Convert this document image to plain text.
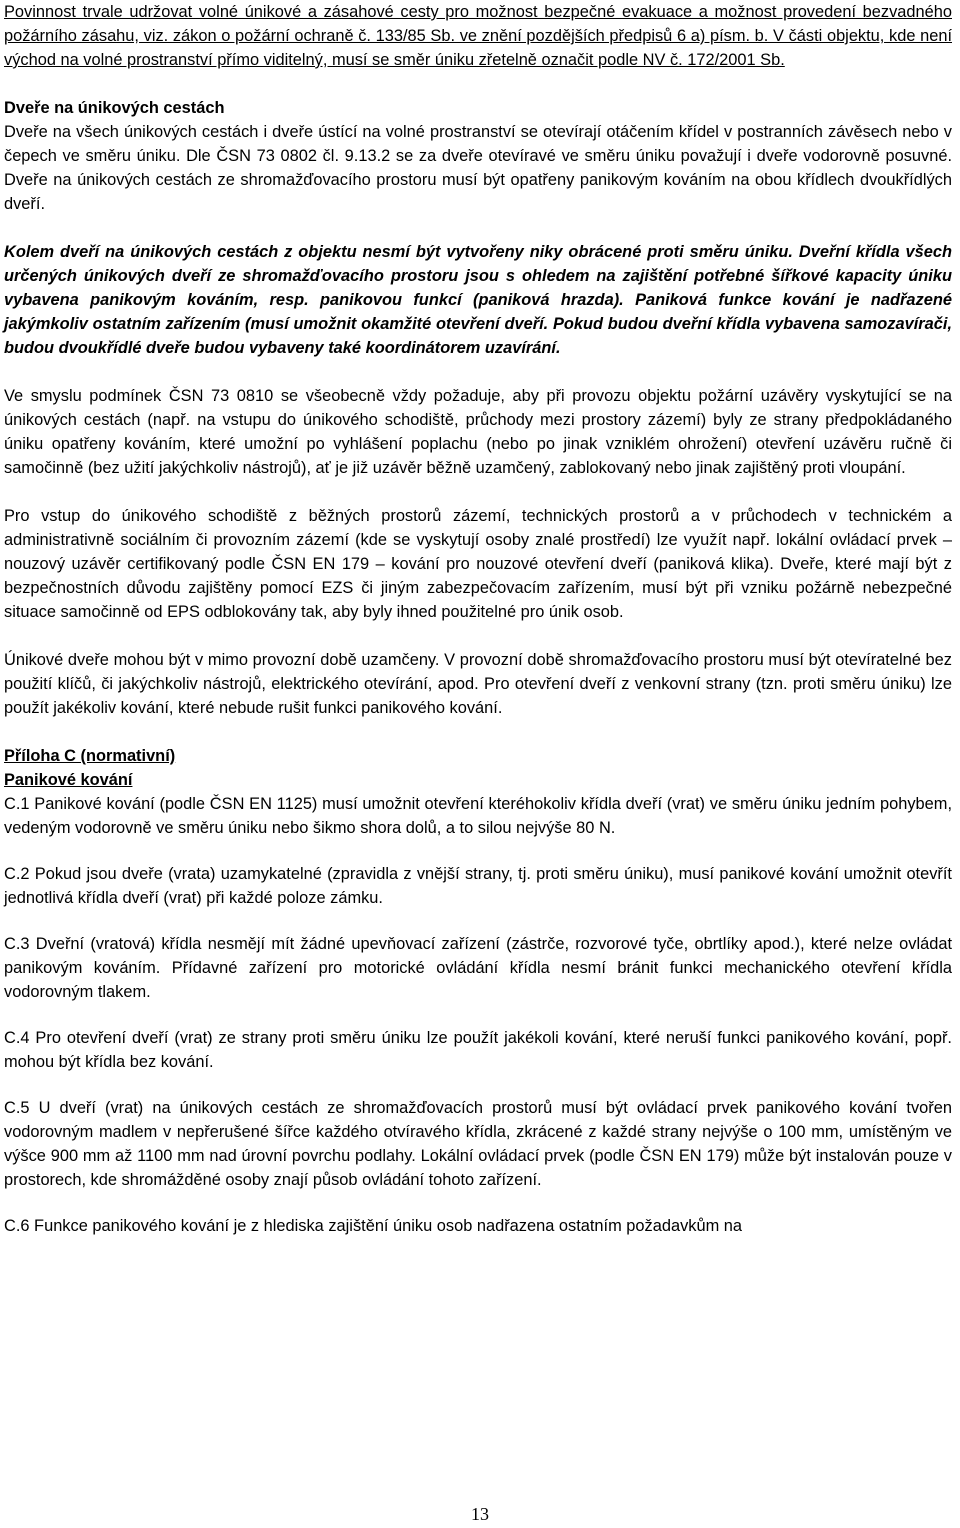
Povinnost trvale udržovat volné únikové a zásahové cesty pro možnost bezpečné evakuace a možnost provedení bezvadného požárního zásahu, viz. zákon o požární ochraně č. 133/85 Sb. ve znění pozdějších předpisů 6 a) písm. b. V části objektu, kde není východ na volné prostranství přímo viditelný, musí se směr úniku zřetelně označit podle NV č. 172/2001 Sb.

Dveře na únikových cestách

Dveře na všech únikových cestách i dveře ústící na volné prostranství se otevírají otáčením křídel v postranních závěsech nebo v čepech ve směru úniku. Dle ČSN 73 0802 čl. 9.13.2 se za dveře otevíravé ve směru úniku považují i dveře vodorovně posuvné. Dveře na únikových cestách ze shromažďovacího prostoru musí být opatřeny panikovým kováním na obou křídlech dvoukřídlých dveří.

Kolem dveří na únikových cestách z objektu nesmí být vytvořeny niky obrácené proti směru úniku. Dveřní křídla všech určených únikových dveří ze shromažďovacího prostoru jsou s ohledem na zajištění potřebné šířkové kapacity úniku vybavena panikovým kováním, resp. panikovou funkcí (paniková hrazda). Paniková funkce kování je nadřazené jakýmkoliv ostatním zařízením (musí umožnit okamžité otevření dveří. Pokud budou dveřní křídla vybavena samozavírači, budou dvoukřídlé dveře budou vybaveny také koordinátorem uzavírání.

Ve smyslu podmínek ČSN 73 0810 se všeobecně vždy požaduje, aby při provozu objektu požární uzávěry vyskytující se na únikových cestách (např. na vstupu do únikového schodiště, průchody mezi prostory zázemí) byly ze strany předpokládaného úniku opatřeny kováním, které umožní po vyhlášení poplachu (nebo po jinak vzniklém ohrožení) otevření uzávěru ručně či samočinně (bez užití jakýchkoliv nástrojů), ať je již uzávěr běžně uzamčený, zablokovaný nebo jinak zajištěný proti vloupání.

Pro vstup do únikového schodiště z běžných prostorů zázemí, technických prostorů a v průchodech v technickém a administrativně sociálním či provozním zázemí (kde se vyskytují osoby znalé prostředí) lze využít např. lokální ovládací prvek – nouzový uzávěr certifikovaný podle ČSN EN 179 – kování pro nouzové otevření dveří (paniková klika). Dveře, které mají být z bezpečnostních důvodu zajištěny pomocí EZS či jiným zabezpečovacím zařízením, musí být při vzniku požárně nebezpečné situace samočinně od EPS odblokovány tak, aby byly ihned použitelné pro únik osob.

Únikové dveře mohou být v mimo provozní době uzamčeny. V provozní době shromažďovacího prostoru musí být otevíratelné bez použití klíčů, či jakýchkoliv nástrojů, elektrického otevírání, apod. Pro otevření dveří z venkovní strany (tzn. proti směru úniku) lze použít jakékoliv kování, které nebude rušit funkci panikového kování.

Příloha C (normativní)

Panikové kování

C.1 Panikové kování (podle ČSN EN 1125) musí umožnit otevření kteréhokoliv křídla dveří (vrat) ve směru úniku jedním pohybem, vedeným vodorovně ve směru úniku nebo šikmo shora dolů, a to silou nejvýše 80 N.

C.2 Pokud jsou dveře (vrata) uzamykatelné (zpravidla z vnější strany, tj. proti směru úniku), musí panikové kování umožnit otevřít jednotlivá křídla dveří (vrat) při každé poloze zámku.

C.3 Dveřní (vratová) křídla nesmějí mít žádné upevňovací zařízení (zástrče, rozvorové tyče, obrtlíky apod.), které nelze ovládat panikovým kováním. Přídavné zařízení pro motorické ovládání křídla nesmí bránit funkci mechanického otevření křídla vodorovným tlakem.

C.4 Pro otevření dveří (vrat) ze strany proti směru úniku lze použít jakékoli kování, které neruší funkci panikového kování, popř. mohou být křídla bez kování.

C.5 U dveří (vrat) na únikových cestách ze shromažďovacích prostorů musí být ovládací prvek panikového kování tvořen vodorovným madlem v nepřerušené šířce každého otvíravého křídla, zkrácené z každé strany nejvýše o 100 mm, umístěným ve výšce 900 mm až 1100 mm nad úrovní povrchu podlahy. Lokální ovládací prvek (podle ČSN EN 179) může být instalován pouze v prostorech, kde shromážděné osoby znají působ ovládání tohoto zařízení.

C.6 Funkce panikového kování je z hlediska zajištění úniku osob nadřazena ostatním požadavkům na

13
